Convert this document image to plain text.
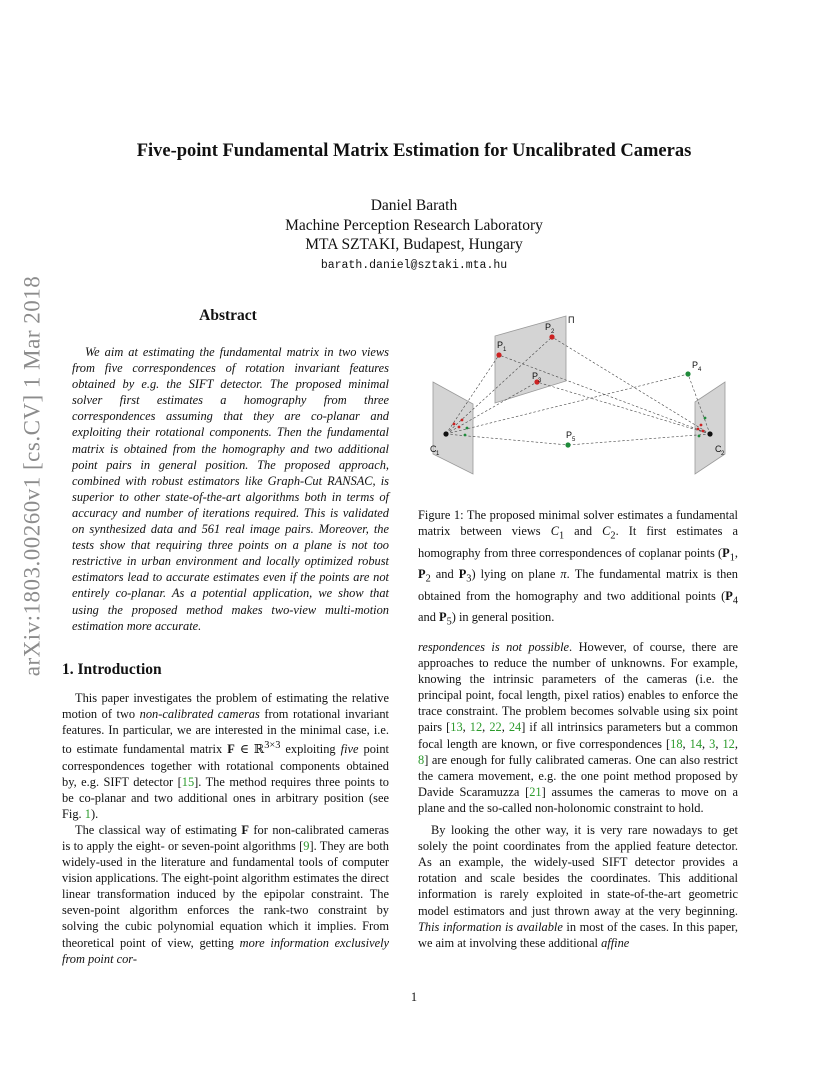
arXiv:1803.00260v1 [cs.CV] 1 Mar 2018
Five-point Fundamental Matrix Estimation for Uncalibrated Cameras
Daniel Barath
Machine Perception Research Laboratory
MTA SZTAKI, Budapest, Hungary
barath.daniel@sztaki.mta.hu
Abstract
We aim at estimating the fundamental matrix in two views from five correspondences of rotation invariant features obtained by e.g. the SIFT detector. The proposed minimal solver first estimates a homography from three correspondences assuming that they are co-planar and exploiting their rotational components. Then the fundamental matrix is obtained from the homography and two additional point pairs in general position. The proposed approach, combined with robust estimators like Graph-Cut RANSAC, is superior to other state-of-the-art algorithms both in terms of accuracy and number of iterations required. This is validated on synthesized data and 561 real image pairs. Moreover, the tests show that requiring three points on a plane is not too restrictive in urban environment and locally optimized robust estimators lead to accurate estimates even if the points are not entirely co-planar. As a potential application, we show that using the proposed method makes two-view multi-motion estimation more accurate.
1. Introduction

This paper investigates the problem of estimating the relative motion of two non-calibrated cameras from rotational invariant features. In particular, we are interested in the minimal case, i.e. to estimate fundamental matrix F ∈ ℝ$^{3\times 3}$ exploiting five point correspondences together with rotational components obtained by, e.g. SIFT detector [15]. The method requires three points to be co-planar and two additional ones in arbitrary position (see Fig. 1).

The classical way of estimating F for non-calibrated cameras is to apply the eight- or seven-point algorithms [9]. They are both widely-used in the literature and fundamental tools of computer vision applications. The eight-point algorithm estimates the direct linear transformation induced by the epipolar constraint. The seven-point algorithm enforces the rank-two constraint by solving the cubic polynomial equation which it implies. From theoretical point of view, getting more information exclusively from point cor-

Π
P 1
P 2
P 3
P 4
P 5
C 1	C 2
Figure 1: The proposed minimal solver estimates a fundamental matrix between views $C_1$ and $C_2$. It first estimates a homography from three correspondences of coplanar points ($P_1$, $P_2$ and $P_3$) lying on plane π. The fundamental matrix is then obtained from the homography and two additional points ($P_4$ and $P_5$) in general position.

respondences is not possible. However, of course, there are approaches to reduce the number of unknowns. For example, knowing the intrinsic parameters of the cameras (i.e. the principal point, focal length, pixel ratios) enables to enforce the trace constraint. The problem becomes solvable using six point pairs [13, 12, 22, 24] if all intrinsics parameters but a common focal length are known, or five correspondences [18, 14, 3, 12, 8] are enough for fully calibrated cameras. One can also restrict the camera movement, e.g. the one point method proposed by Davide Scaramuzza [21] assumes the cameras to move on a plane and the so-called non-holonomic constraint to hold.

By looking the other way, it is very rare nowadays to get solely the point coordinates from the applied feature detector. As an example, the widely-used SIFT detector provides a rotation and scale besides the coordinates. This additional information is rarely exploited in state-of-the-art geometric model estimators and just thrown away at the very beginning. This information is available in most of the cases. In this paper, we aim at involving these additional affine

1
